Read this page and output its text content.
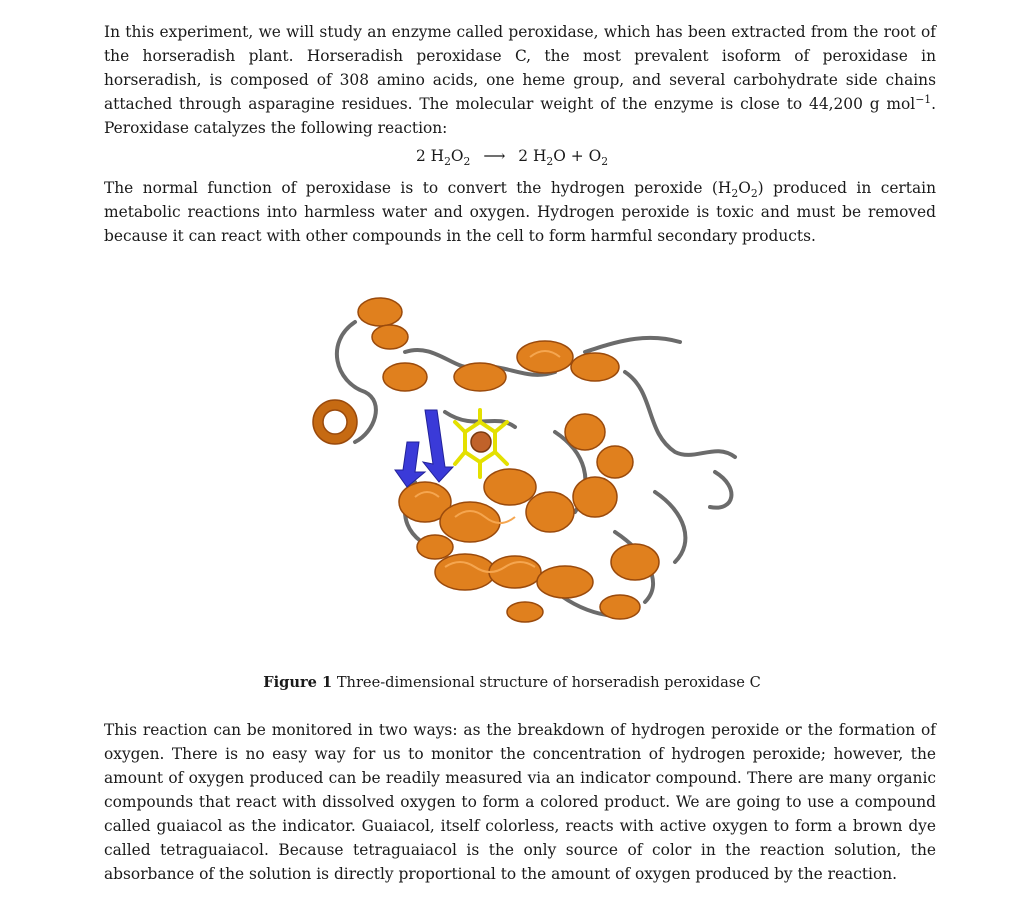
In this experiment, we will study an enzyme called peroxidase, which has been extracted from the root of the horseradish plant. Horseradish peroxidase C, the most prevalent isoform of peroxidase in horseradish, is composed of 308 amino acids, one heme group, and several carbohydrate side chains attached through asparagine residues. The molecular weight of the enzyme is close to 44,200 g mol$^{-1}$. Peroxidase catalyzes the following reaction:

2 $H_2O_2$ ⟶ 2 $H_2O + O_2$

The normal function of peroxidase is to convert the hydrogen peroxide $(H_2O_2)$ produced in certain metabolic reactions into harmless water and oxygen. Hydrogen peroxide is toxic and must be removed because it can react with other compounds in the cell to form harmful secondary products.

Figure 1 Three-dimensional structure of horseradish peroxidase C

This reaction can be monitored in two ways: as the breakdown of hydrogen peroxide or the formation of oxygen. There is no easy way for us to monitor the concentration of hydrogen peroxide; however, the amount of oxygen produced can be readily measured via an indicator compound. There are many organic compounds that react with dissolved oxygen to form a colored product. We are going to use a compound called guaiacol as the indicator. Guaiacol, itself colorless, reacts with active oxygen to form a brown dye called tetraguaiacol. Because tetraguaiacol is the only source of color in the reaction solution, the absorbance of the solution is directly proportional to the amount of oxygen produced by the reaction.
